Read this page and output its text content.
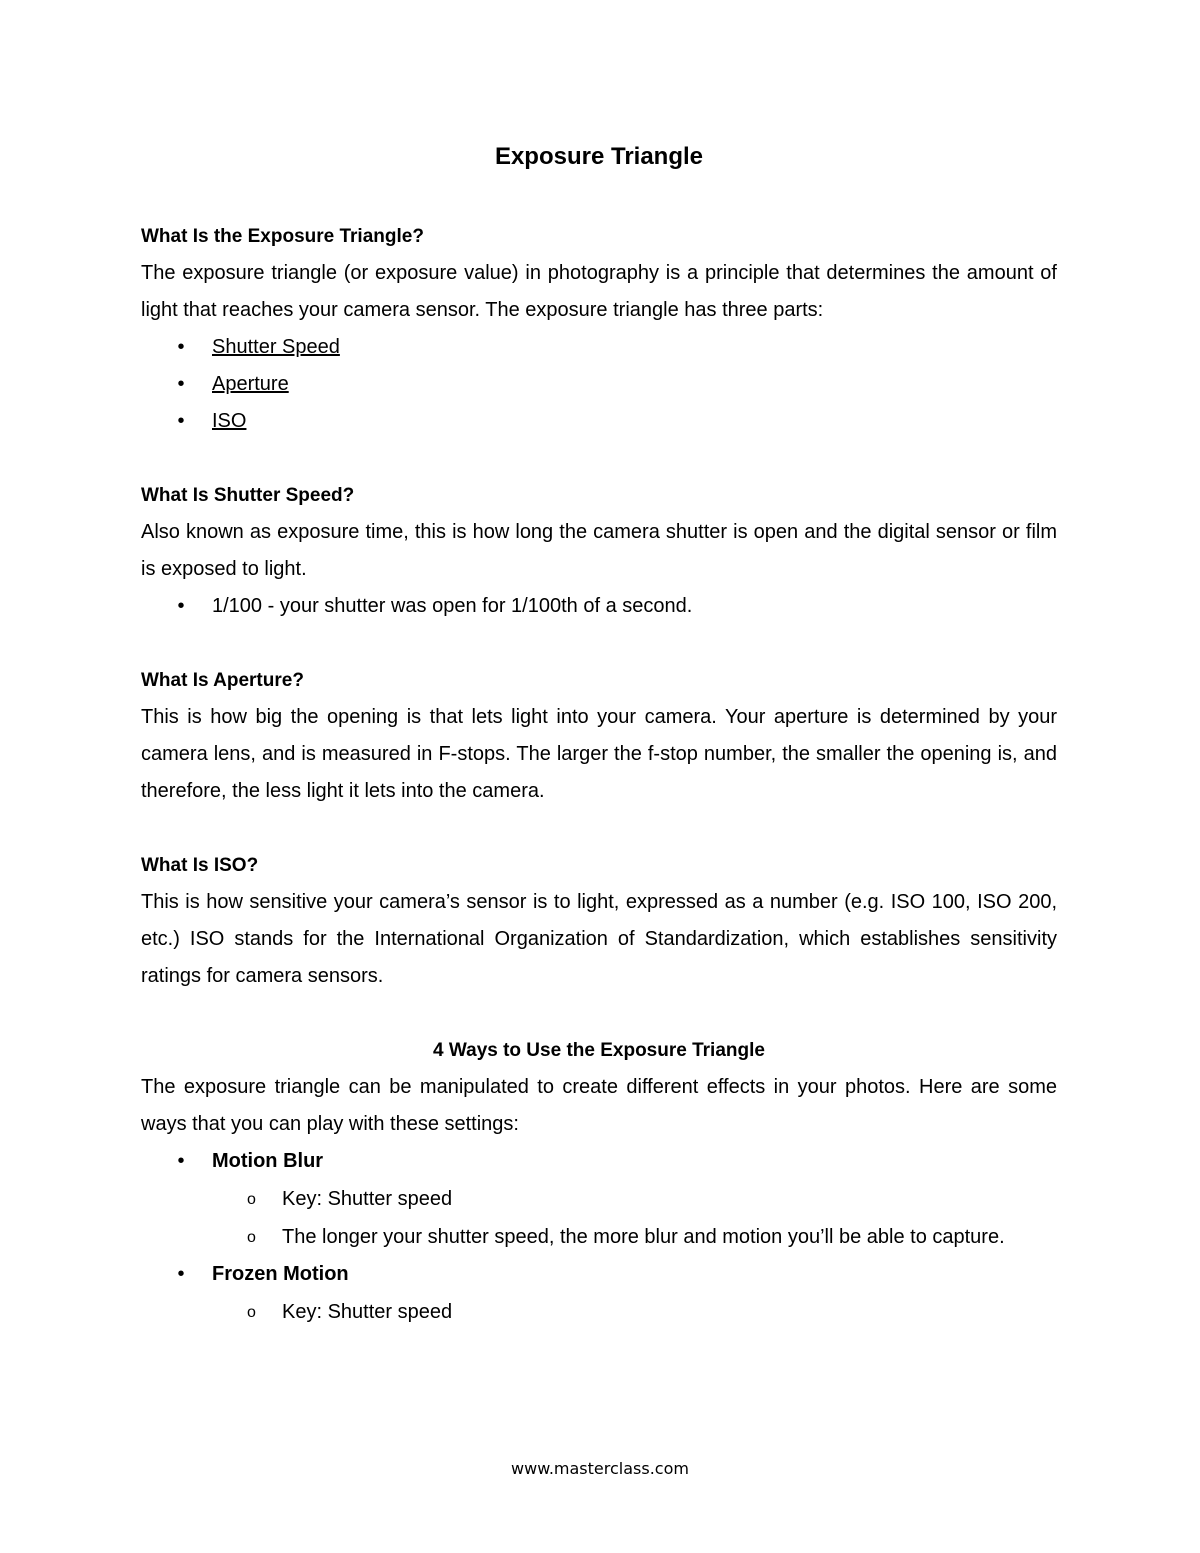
Exposure Triangle
What Is the Exposure Triangle?

The exposure triangle (or exposure value) in photography is a principle that determines the amount of light that reaches your camera sensor. The exposure triangle has three parts:

• Shutter Speed
• Aperture
• ISO
What Is Shutter Speed?

Also known as exposure time, this is how long the camera shutter is open and the digital sensor or film is exposed to light.

• 1/100 - your shutter was open for 1/100th of a second.
What Is Aperture?

This is how big the opening is that lets light into your camera. Your aperture is determined by your camera lens, and is measured in F-stops. The larger the f-stop number, the smaller the opening is, and therefore, the less light it lets into the camera.

What Is ISO?

This is how sensitive your camera’s sensor is to light, expressed as a number (e.g. ISO 100, ISO 200, etc.) ISO stands for the International Organization of Standardization, which establishes sensitivity ratings for camera sensors.

4 Ways to Use the Exposure Triangle

The exposure triangle can be manipulated to create different effects in your photos. Here are some ways that you can play with these settings:

• Motion Blur
o Key: Shutter speed
o The longer your shutter speed, the more blur and motion you’ll be able to capture.
• Frozen Motion
o Key: Shutter speed
www.masterclass.com
